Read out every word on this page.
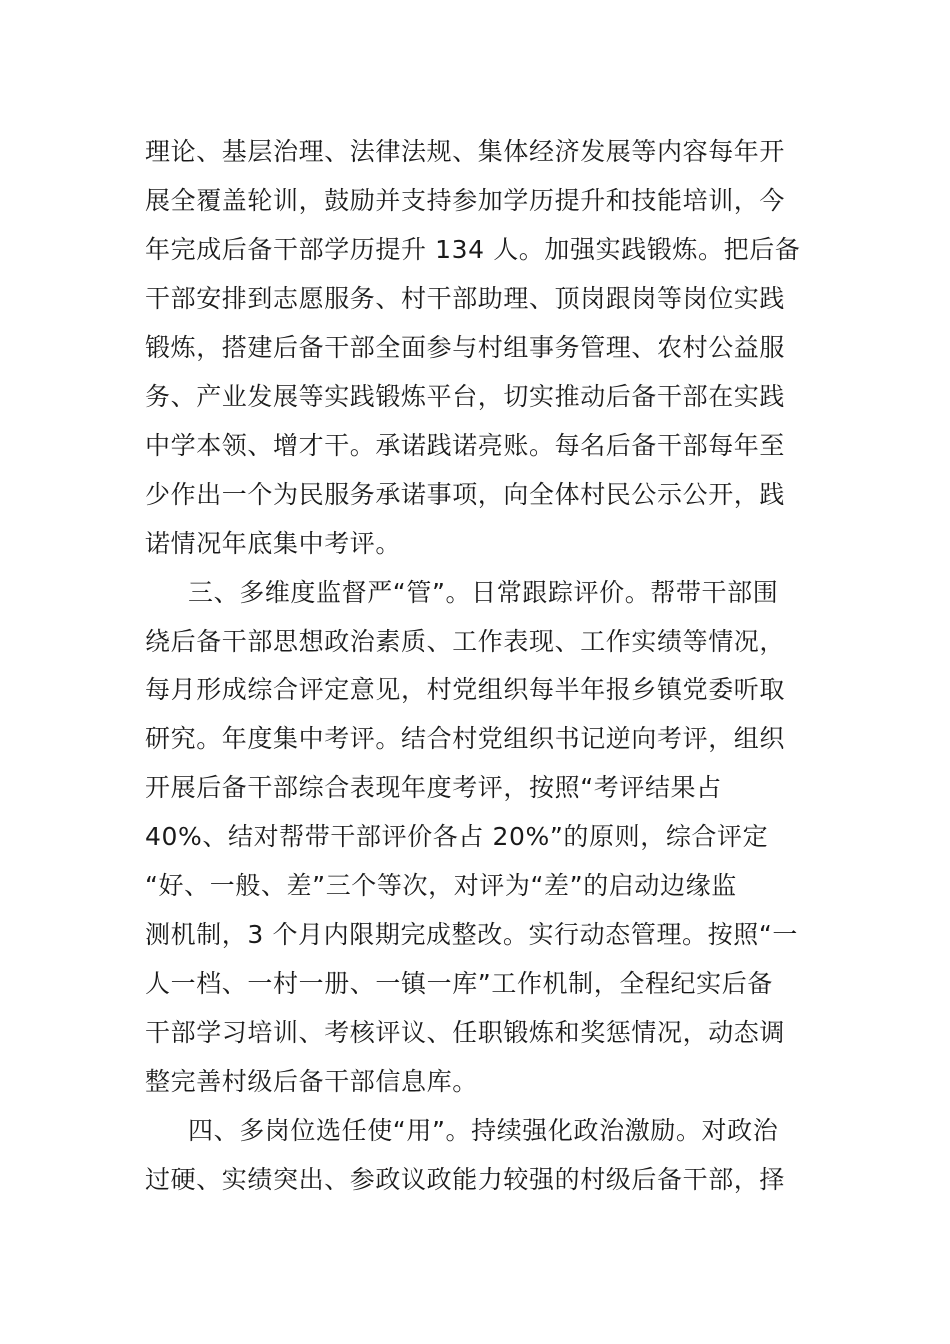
理论、基层治理、法律法规、集体经济发展等内容每年开
展全覆盖轮训，鼓励并支持参加学历提升和技能培训，今
年完成后备干部学历提升 134 人。加强实践锻炼。把后备
干部安排到志愿服务、村干部助理、顶岗跟岗等岗位实践
锻炼，搭建后备干部全面参与村组事务管理、农村公益服
务、产业发展等实践锻炼平台，切实推动后备干部在实践
中学本领、增才干。承诺践诺亮账。每名后备干部每年至
少作出一个为民服务承诺事项，向全体村民公示公开，践
诺情况年底集中考评。
三、多维度监督严“管”。日常跟踪评价。帮带干部围
绕后备干部思想政治素质、工作表现、工作实绩等情况，
每月形成综合评定意见，村党组织每半年报乡镇党委听取
研究。年度集中考评。结合村党组织书记逆向考评，组织
开展后备干部综合表现年度考评，按照“考评结果占
40%、结对帮带干部评价各占 20%”的原则，综合评定
“好、一般、差”三个等次，对评为“差”的启动边缘监
测机制，3 个月内限期完成整改。实行动态管理。按照“一
人一档、一村一册、一镇一库”工作机制，全程纪实后备
干部学习培训、考核评议、任职锻炼和奖惩情况，动态调
整完善村级后备干部信息库。
四、多岗位选任使“用”。持续强化政治激励。对政治
过硬、实绩突出、参政议政能力较强的村级后备干部，择
